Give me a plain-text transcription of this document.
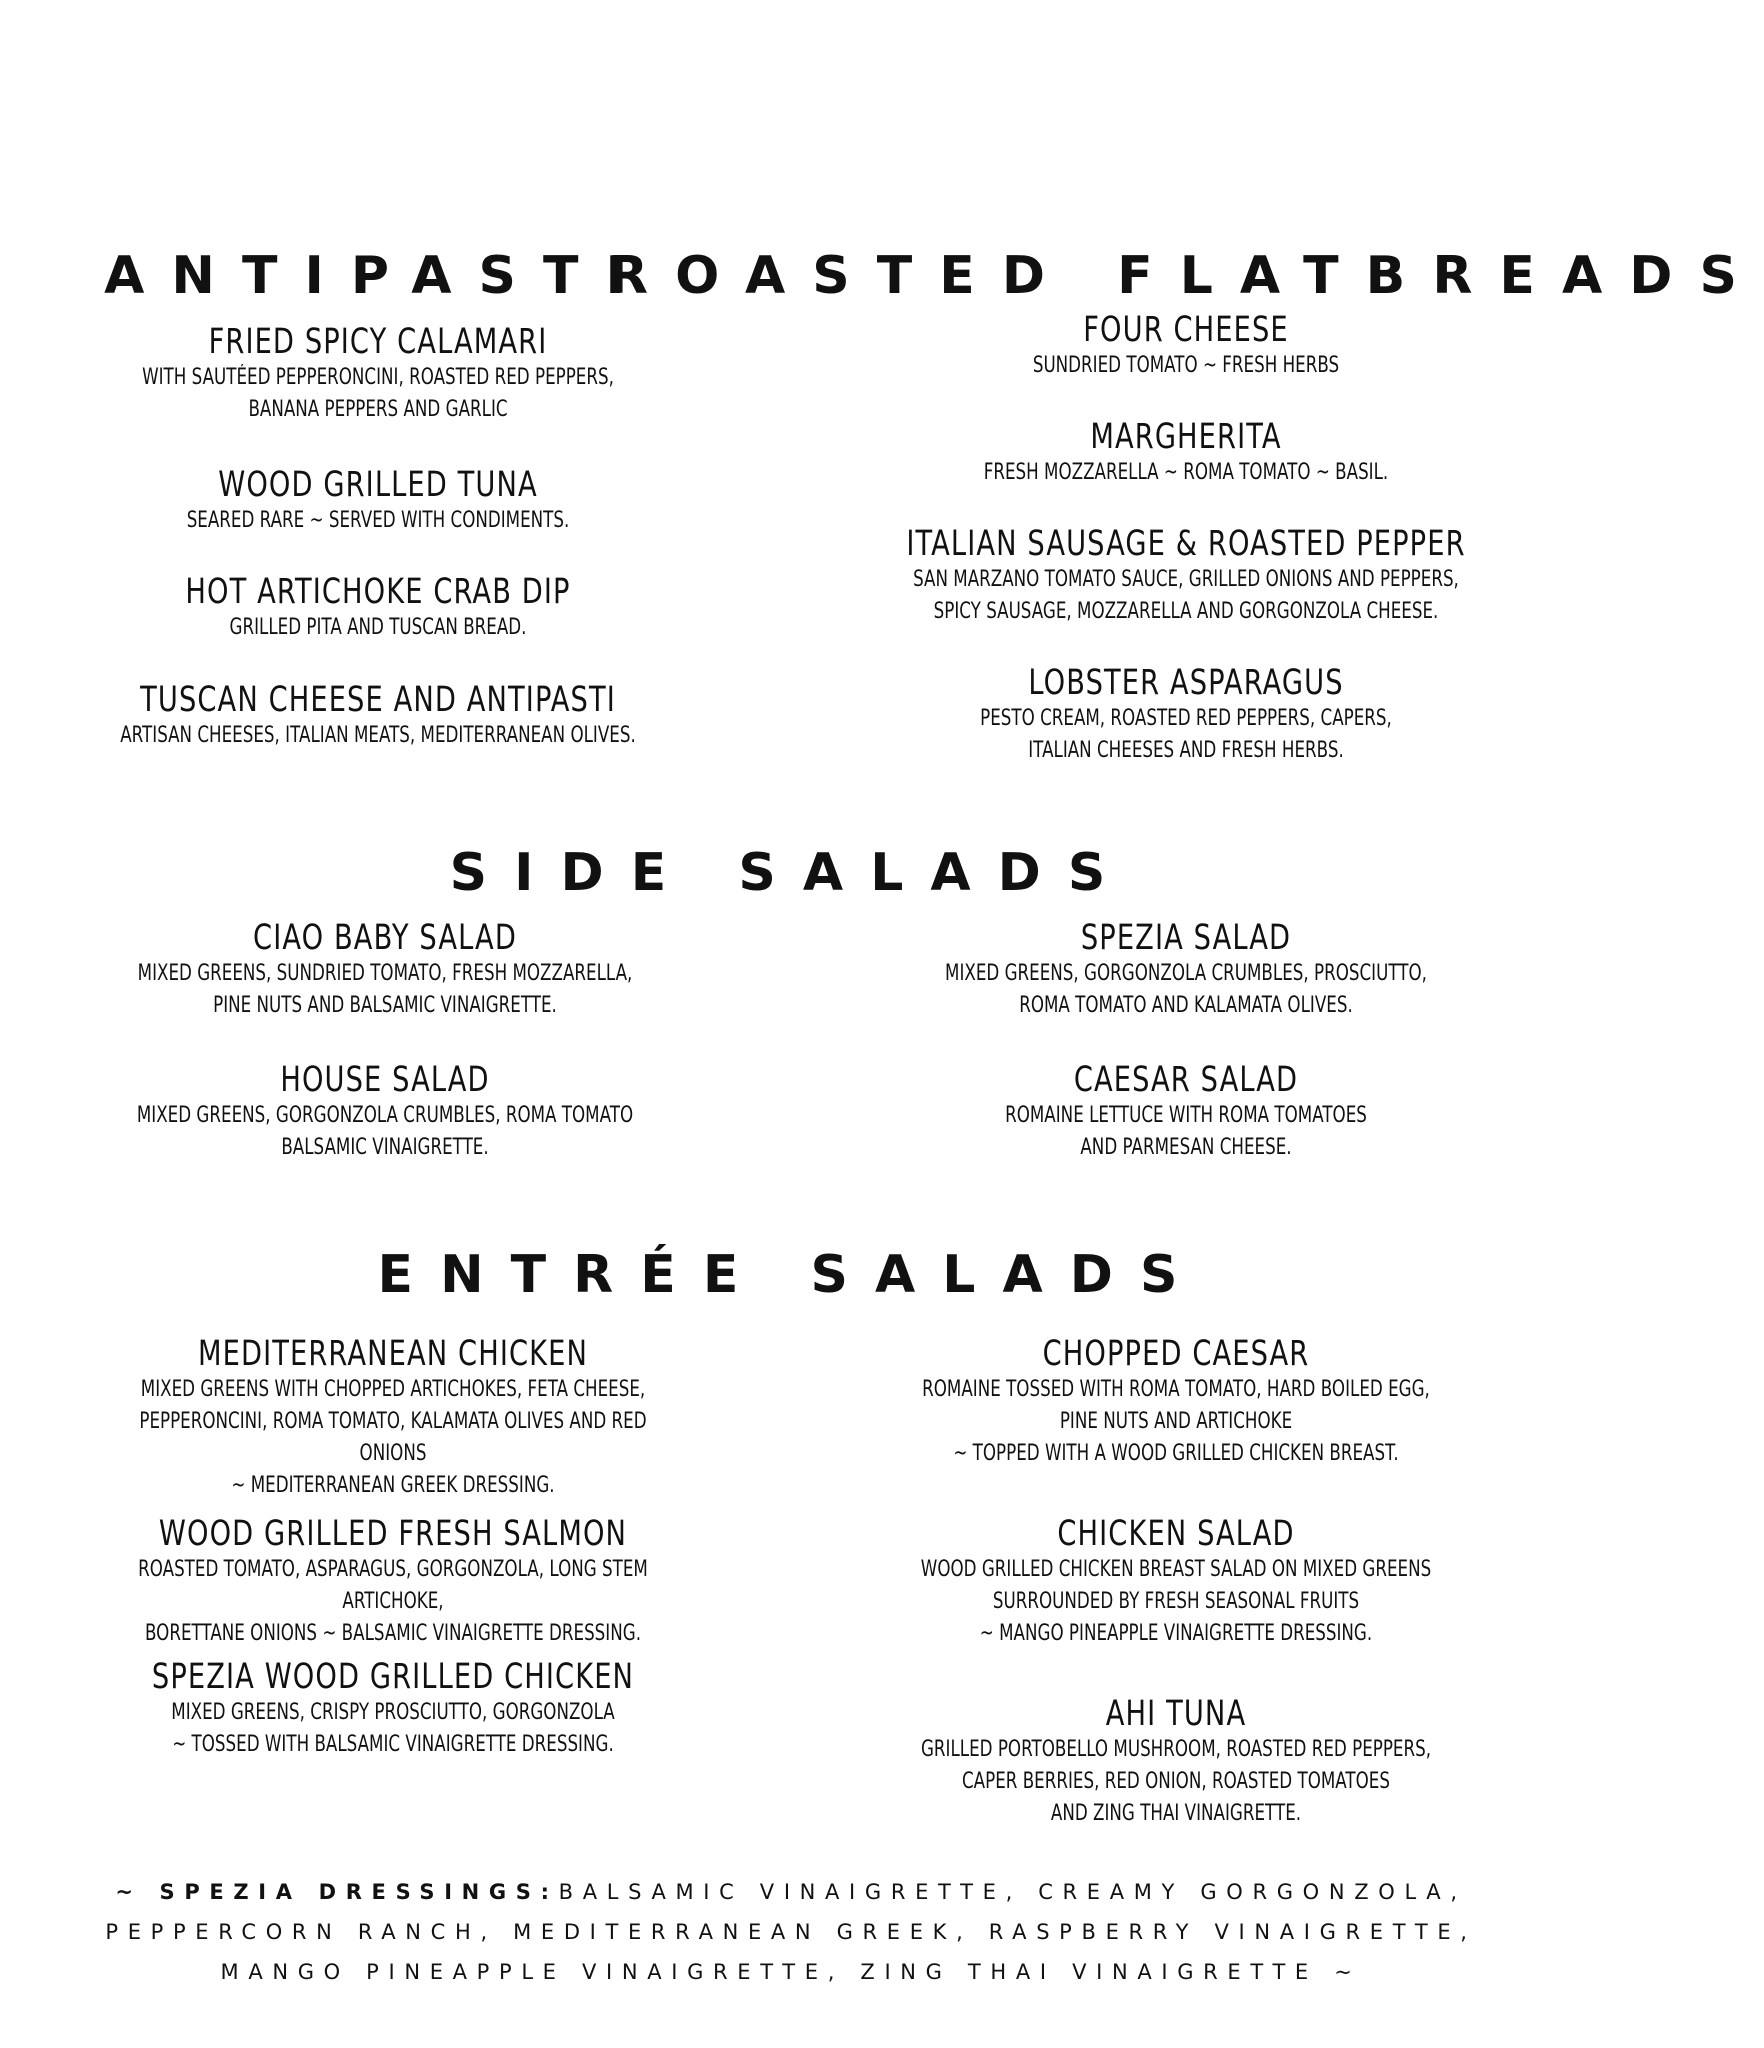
ANTIPASTI
FRIED SPICY CALAMARI
WITH SAUTÉED PEPPERONCINI, ROASTED RED PEPPERS,
BANANA PEPPERS AND GARLIC
WOOD GRILLED TUNA
SEARED RARE ~ SERVED WITH CONDIMENTS.
HOT ARTICHOKE CRAB DIP
GRILLED PITA AND TUSCAN BREAD.
TUSCAN CHEESE AND ANTIPASTI
ARTISAN CHEESES, ITALIAN MEATS, MEDITERRANEAN OLIVES.
ROASTED FLATBREADS
FOUR CHEESE
SUNDRIED TOMATO ~ FRESH HERBS
MARGHERITA
FRESH MOZZARELLA ~ ROMA TOMATO ~ BASIL.
ITALIAN SAUSAGE & ROASTED PEPPER
SAN MARZANO TOMATO SAUCE, GRILLED ONIONS AND PEPPERS,
SPICY SAUSAGE, MOZZARELLA AND GORGONZOLA CHEESE.
LOBSTER ASPARAGUS
PESTO CREAM, ROASTED RED PEPPERS, CAPERS,
ITALIAN CHEESES AND FRESH HERBS.
SIDE SALADS
CIAO BABY SALAD
MIXED GREENS, SUNDRIED TOMATO, FRESH MOZZARELLA,
PINE NUTS AND BALSAMIC VINAIGRETTE.
HOUSE SALAD
MIXED GREENS, GORGONZOLA CRUMBLES, ROMA TOMATO
BALSAMIC VINAIGRETTE.
SPEZIA SALAD
MIXED GREENS, GORGONZOLA CRUMBLES, PROSCIUTTO,
ROMA TOMATO AND KALAMATA OLIVES.
CAESAR SALAD
ROMAINE LETTUCE WITH ROMA TOMATOES
AND PARMESAN CHEESE.
ENTRÉE SALADS
MEDITERRANEAN CHICKEN
MIXED GREENS WITH CHOPPED ARTICHOKES, FETA CHEESE,
PEPPERONCINI, ROMA TOMATO, KALAMATA OLIVES AND RED ONIONS
~ MEDITERRANEAN GREEK DRESSING.
WOOD GRILLED FRESH SALMON
ROASTED TOMATO, ASPARAGUS, GORGONZOLA, LONG STEM ARTICHOKE,
BORETTANE ONIONS ~ BALSAMIC VINAIGRETTE DRESSING.
SPEZIA WOOD GRILLED CHICKEN
MIXED GREENS, CRISPY PROSCIUTTO, GORGONZOLA
~ TOSSED WITH BALSAMIC VINAIGRETTE DRESSING.
CHOPPED CAESAR
ROMAINE TOSSED WITH ROMA TOMATO, HARD BOILED EGG,
PINE NUTS AND ARTICHOKE
~ TOPPED WITH A WOOD GRILLED CHICKEN BREAST.
CHICKEN SALAD
WOOD GRILLED CHICKEN BREAST SALAD ON MIXED GREENS
SURROUNDED BY FRESH SEASONAL FRUITS
~ MANGO PINEAPPLE VINAIGRETTE DRESSING.
AHI TUNA
GRILLED PORTOBELLO MUSHROOM, ROASTED RED PEPPERS,
CAPER BERRIES, RED ONION, ROASTED TOMATOES
AND ZING THAI VINAIGRETTE.
~ SPEZIA DRESSINGS:BALSAMIC VINAIGRETTE, CREAMY GORGONZOLA, PEPPERCORN RANCH, MEDITERRANEAN GREEK, RASPBERRY VINAIGRETTE, MANGO PINEAPPLE VINAIGRETTE, ZING THAI VINAIGRETTE ~
